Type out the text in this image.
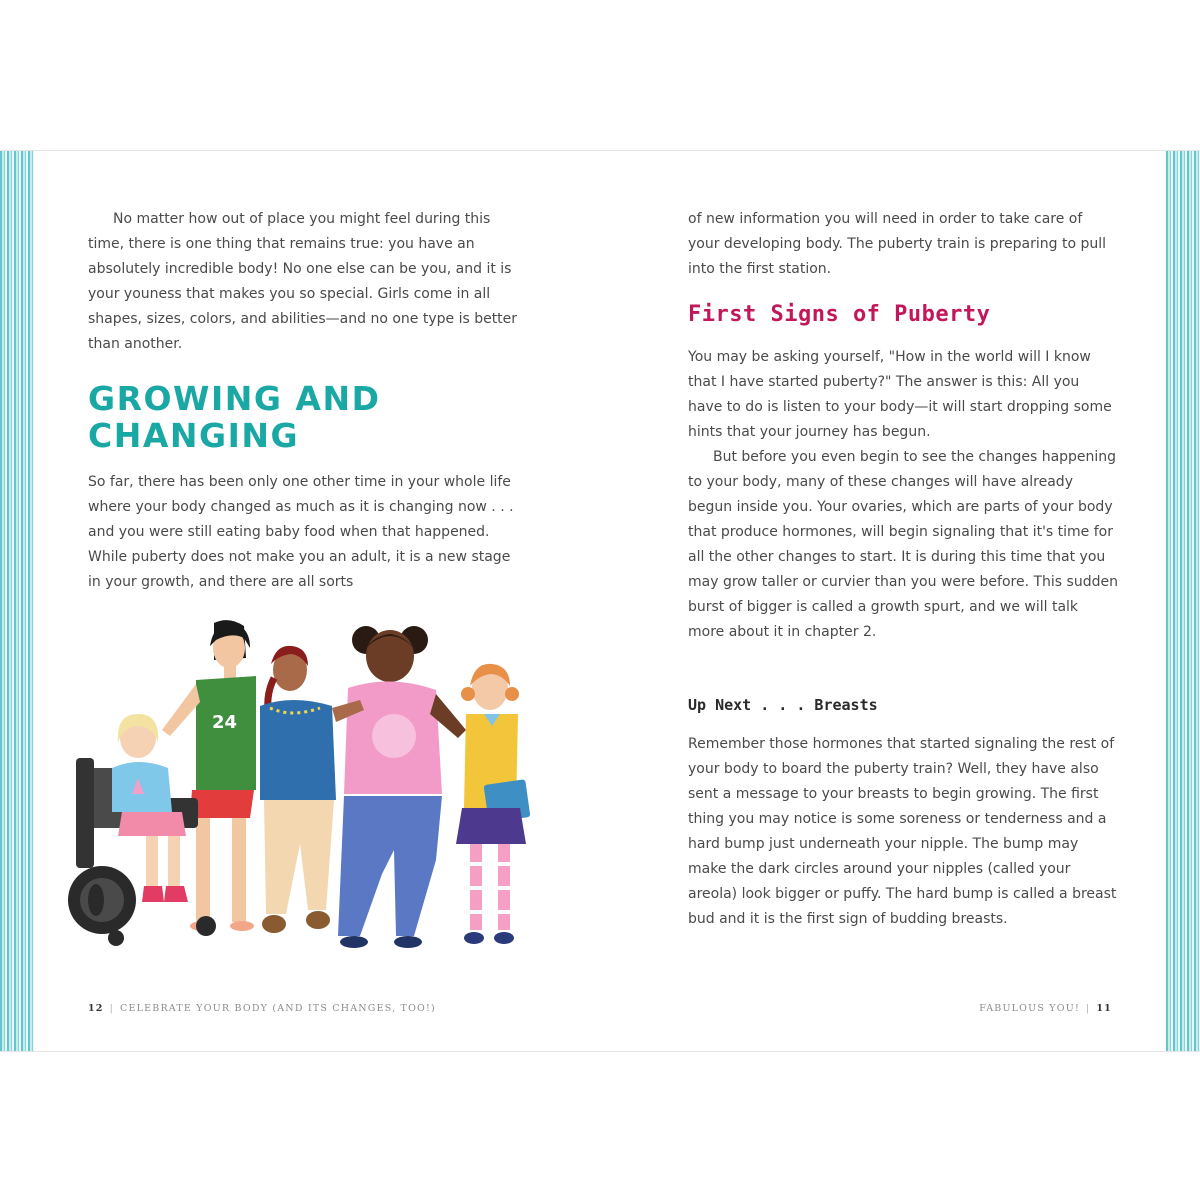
No matter how out of place you might feel during this time, there is one thing that remains true: you have an absolutely incredible body! No one else can be you, and it is your youness that makes you so special. Girls come in all shapes, sizes, colors, and abilities—and no one type is better than another.

GROWING AND
CHANGING

So far, there has been only one other time in your whole life where your body changed as much as it is changing now . . . and you were still eating baby food when that happened. While puberty does not make you an adult, it is a new stage in your growth, and there are all sorts

24
12 | CELEBRATE YOUR BODY (AND ITS CHANGES, TOO!)

of new information you will need in order to take care of your developing body. The puberty train is preparing to pull into the first station.

First Signs of Puberty

You may be asking yourself, "How in the world will I know that I have started puberty?" The answer is this: All you have to do is listen to your body—it will start dropping some hints that your journey has begun.

But before you even begin to see the changes happening to your body, many of these changes will have already begun inside you. Your ovaries, which are parts of your body that produce hormones, will begin signaling that it's time for all the other changes to start. It is during this time that you may grow taller or curvier than you were before. This sudden burst of bigger is called a growth spurt, and we will talk more about it in chapter 2.

Up Next . . . Breasts

Remember those hormones that started signaling the rest of your body to board the puberty train? Well, they have also sent a message to your breasts to begin growing. The first thing you may notice is some soreness or tenderness and a hard bump just underneath your nipple. The bump may make the dark circles around your nipples (called your areola) look bigger or puffy. The hard bump is called a breast bud and it is the first sign of budding breasts.

FABULOUS YOU! | 11
